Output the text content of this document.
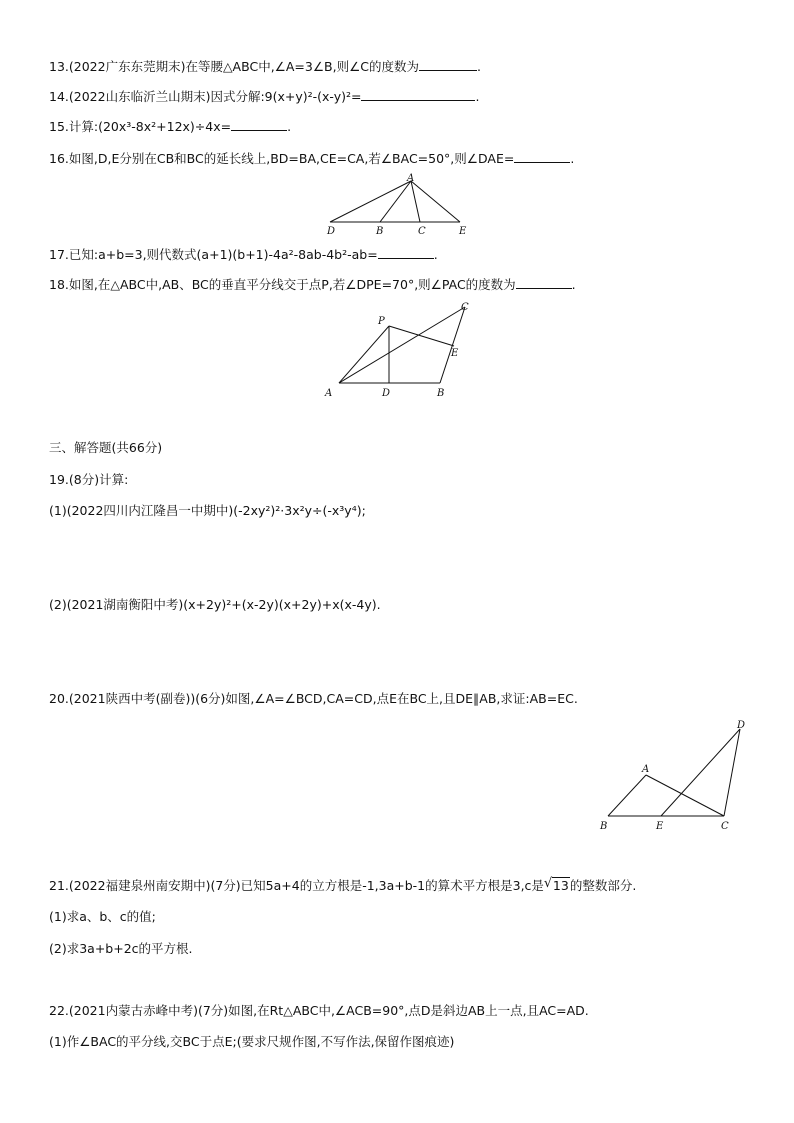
13.(2022广东东莞期末)在等腰△ABC中,∠A=3∠B,则∠C的度数为	.
14.(2022山东临沂兰山期末)因式分解:9(x+y)²-(x-y)²=	.
15.计算:(20x³-8x²+12x)÷4x=	.
16.如图,D,E分别在CB和BC的延长线上,BD=BA,CE=CA,若∠BAC=50°,则∠DAE=	.
A
D	B	C	E
17.已知:a+b=3,则代数式(a+1)(b+1)-4a²-8ab-4b²-ab=	.
18.如图,在△ABC中,AB、BC的垂直平分线交于点P,若∠DPE=70°,则∠PAC的度数为	.
P
C
E
A	D	B
三、解答题(共66分)
19.(8分)计算:
(1)(2022四川内江隆昌一中期中)(-2xy²)²·3x²y÷(-x³y⁴);
(2)(2021湖南衡阳中考)(x+2y)²+(x-2y)(x+2y)+x(x-4y).
20.(2021陕西中考(副卷))(6分)如图,∠A=∠BCD,CA=CD,点E在BC上,且DE∥AB,求证:AB=EC.
D
A
B	E	C
21.(2022福建泉州南安期中)(7分)已知5a+4的立方根是-1,3a+b-1的算术平方根是3,c是 √ 13的整数部分.
(1)求a、b、c的值;
(2)求3a+b+2c的平方根.
22.(2021内蒙古赤峰中考)(7分)如图,在Rt△ABC中,∠ACB=90°,点D是斜边AB上一点,且AC=AD.
(1)作∠BAC的平分线,交BC于点E;(要求尺规作图,不写作法,保留作图痕迹)
